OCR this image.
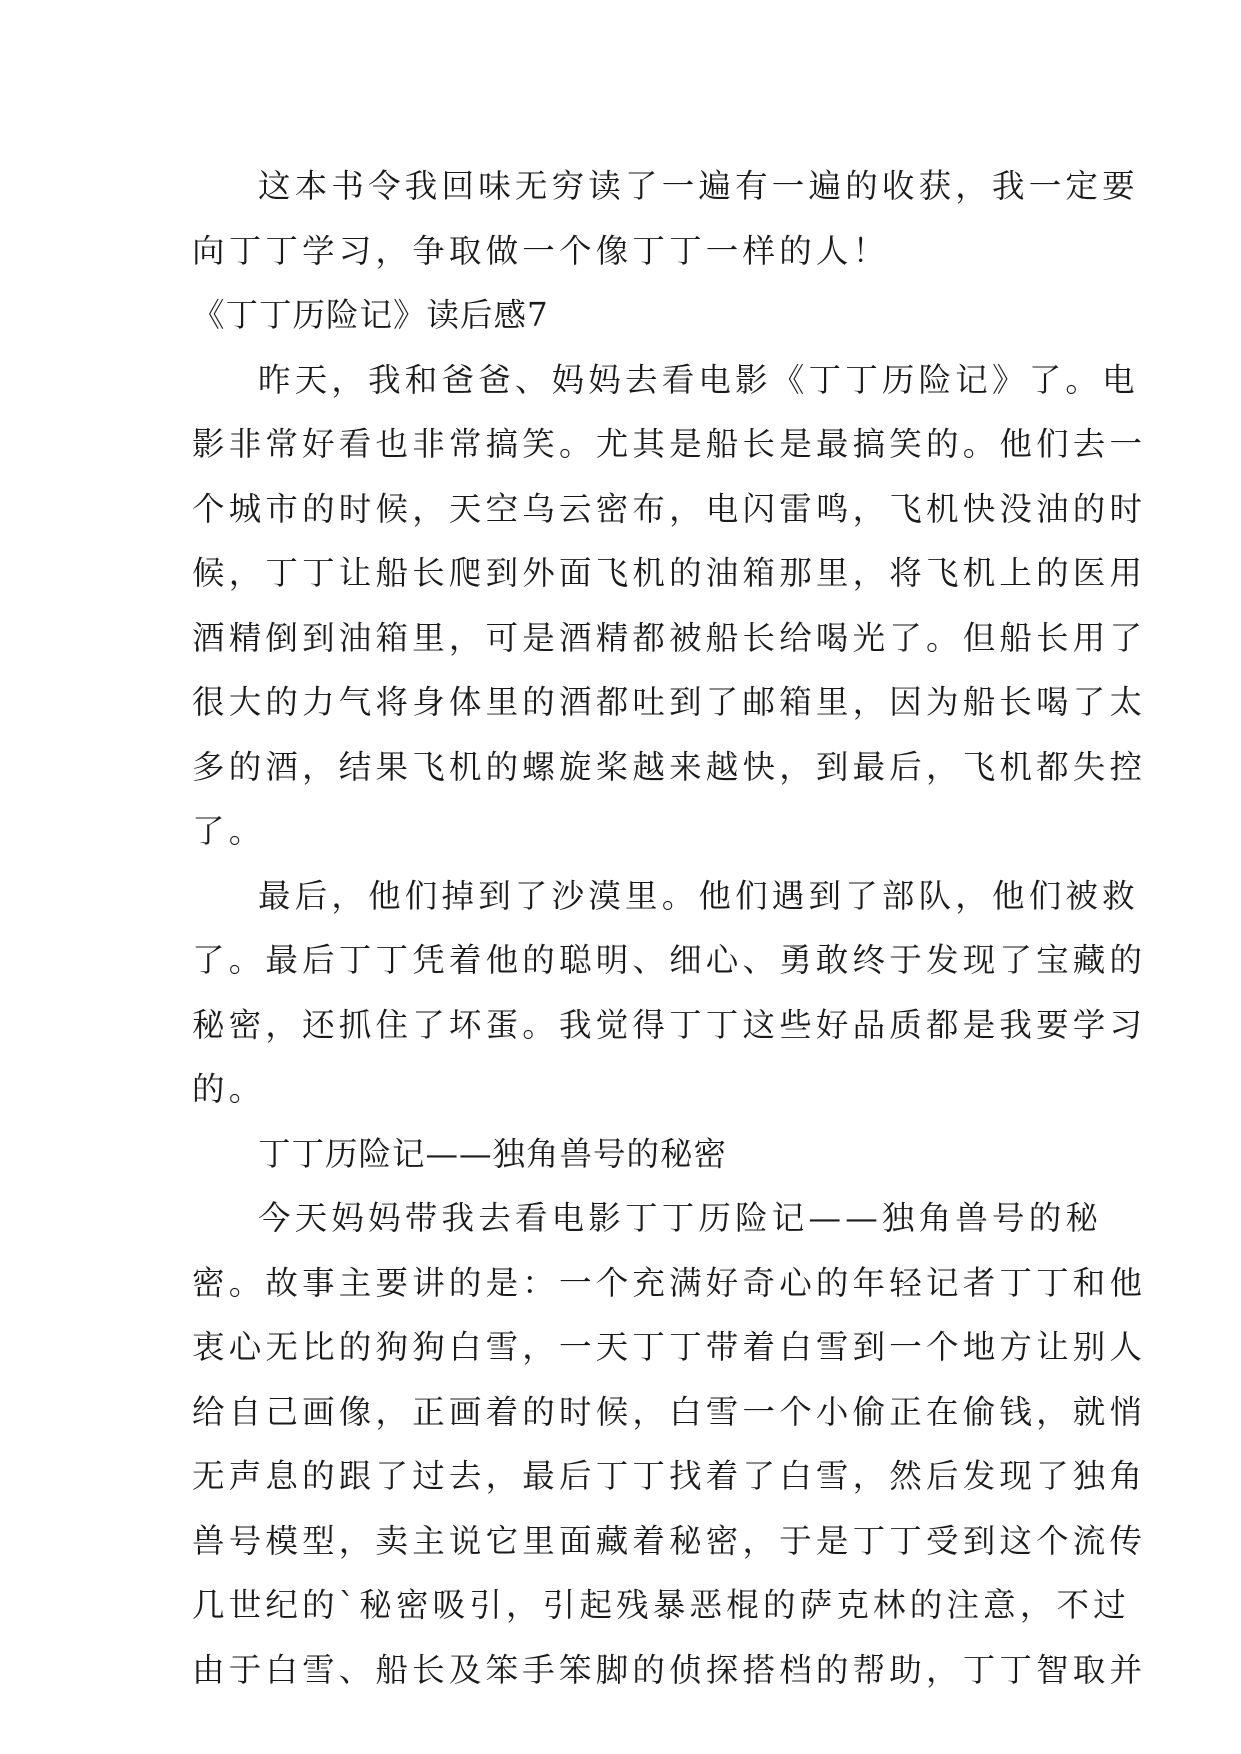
这本书令我回味无穷读了一遍有一遍的收获，我一定要
向丁丁学习，争取做一个像丁丁一样的人！
《丁丁历险记》读后感7
昨天，我和爸爸、妈妈去看电影《丁丁历险记》了。电
影非常好看也非常搞笑。尤其是船长是最搞笑的。他们去一
个城市的时候，天空乌云密布，电闪雷鸣，飞机快没油的时
候，丁丁让船长爬到外面飞机的油箱那里，将飞机上的医用
酒精倒到油箱里，可是酒精都被船长给喝光了。但船长用了
很大的力气将身体里的酒都吐到了邮箱里，因为船长喝了太
多的酒，结果飞机的螺旋桨越来越快，到最后，飞机都失控
了。
最后，他们掉到了沙漠里。他们遇到了部队，他们被救
了。最后丁丁凭着他的聪明、细心、勇敢终于发现了宝藏的
秘密，还抓住了坏蛋。我觉得丁丁这些好品质都是我要学习
的。
丁丁历险记——独角兽号的秘密
今天妈妈带我去看电影丁丁历险记——独角兽号的秘
密。故事主要讲的是：一个充满好奇心的年轻记者丁丁和他
衷心无比的狗狗白雪，一天丁丁带着白雪到一个地方让别人
给自己画像，正画着的时候，白雪一个小偷正在偷钱，就悄
无声息的跟了过去，最后丁丁找着了白雪，然后发现了独角
兽号模型，卖主说它里面藏着秘密，于是丁丁受到这个流传
几世纪的`秘密吸引，引起残暴恶棍的萨克林的注意，不过
由于白雪、船长及笨手笨脚的侦探搭档的帮助，丁丁智取并
